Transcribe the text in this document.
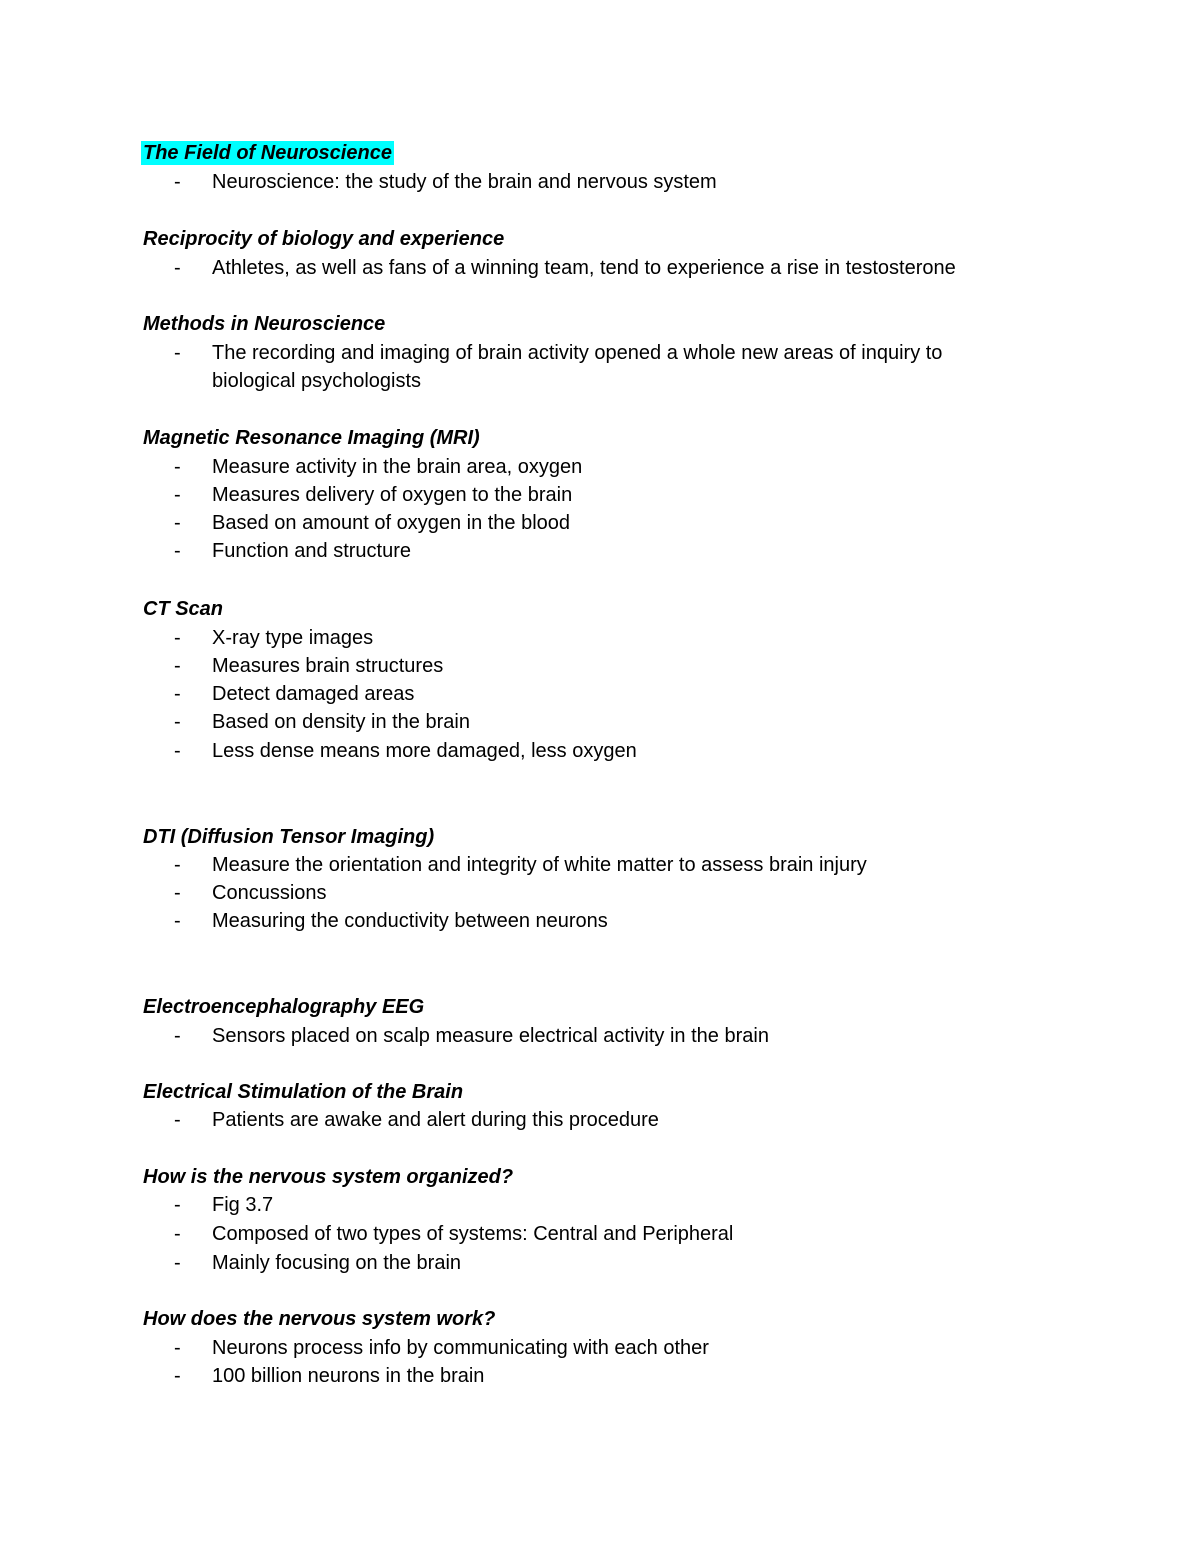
The Field of Neuroscience
- Neuroscience: the study of the brain and nervous system
Reciprocity of biology and experience
- Athletes, as well as fans of a winning team, tend to experience a rise in testosterone
Methods in Neuroscience
- The recording and imaging of brain activity opened a whole new areas of inquiry to
biological psychologists
Magnetic Resonance Imaging (MRI)
- Measure activity in the brain area, oxygen
- Measures delivery of oxygen to the brain
- Based on amount of oxygen in the blood
- Function and structure
CT Scan
- X-ray type images
- Measures brain structures
- Detect damaged areas
- Based on density in the brain
- Less dense means more damaged, less oxygen
DTI (Diffusion Tensor Imaging)
- Measure the orientation and integrity of white matter to assess brain injury
- Concussions
- Measuring the conductivity between neurons
Electroencephalography EEG
- Sensors placed on scalp measure electrical activity in the brain
Electrical Stimulation of the Brain
- Patients are awake and alert during this procedure
How is the nervous system organized?
- Fig 3.7
- Composed of two types of systems: Central and Peripheral
- Mainly focusing on the brain
How does the nervous system work?
- Neurons process info by communicating with each other
- 100 billion neurons in the brain
